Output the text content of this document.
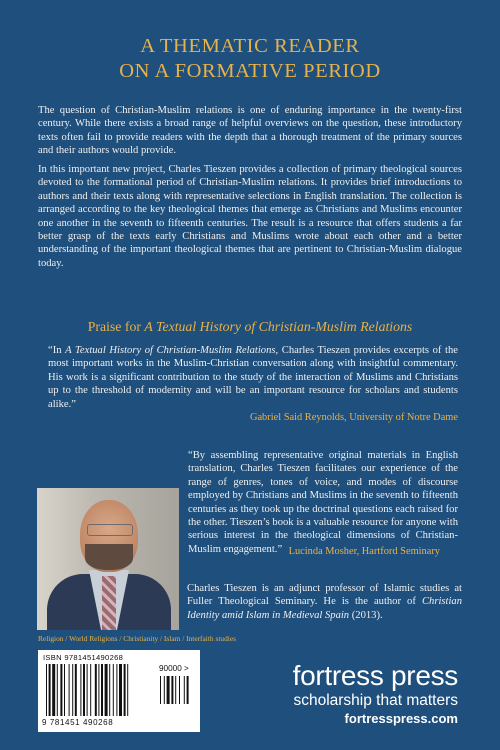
A THEMATIC READER
ON A FORMATIVE PERIOD
The question of Christian-Muslim relations is one of enduring importance in the twenty-first century. While there exists a broad range of helpful overviews on the question, these introductory texts often fail to provide readers with the depth that a thorough treatment of the primary sources and their authors would provide.
In this important new project, Charles Tieszen provides a collection of primary theological sources devoted to the formational period of Christian-Muslim relations. It provides brief introductions to authors and their texts along with representative selections in English translation. The collection is arranged according to the key theological themes that emerge as Christians and Muslims encounter one another in the seventh to fifteenth centuries. The result is a resource that offers students a far better grasp of the texts early Christians and Muslims wrote about each other and a better understanding of the important theological themes that are pertinent to Christian-Muslim dialogue today.
Praise for A Textual History of Christian-Muslim Relations
“In A Textual History of Christian-Muslim Relations, Charles Tieszen provides excerpts of the most important works in the Muslim-Christian conversation along with insightful commentary. His work is a significant contribution to the study of the interaction of Muslims and Christians up to the threshold of modernity and will be an important resource for scholars and students alike.”
Gabriel Said Reynolds, University of Notre Dame
“By assembling representative original materials in English translation, Charles Tieszen facilitates our experience of the range of genres, tones of voice, and modes of discourse employed by Christians and Muslims in the seventh to fifteenth centuries as they took up the doctrinal questions each raised for the other. Tieszen’s book is a valuable resource for anyone with serious interest in the theological dimensions of Christian-Muslim engagement.” Lucinda Mosher, Hartford Seminary
Charles Tieszen is an adjunct professor of Islamic studies at Fuller Theological Seminary. He is the author of Christian Identity amid Islam in Medieval Spain (2013).
Religion / World Religions / Christianity / Islam / Interfaith studies
ISBN 9781451490268
90000 >
9 781451 490268
fortress press
scholarship that matters
fortresspress.com
